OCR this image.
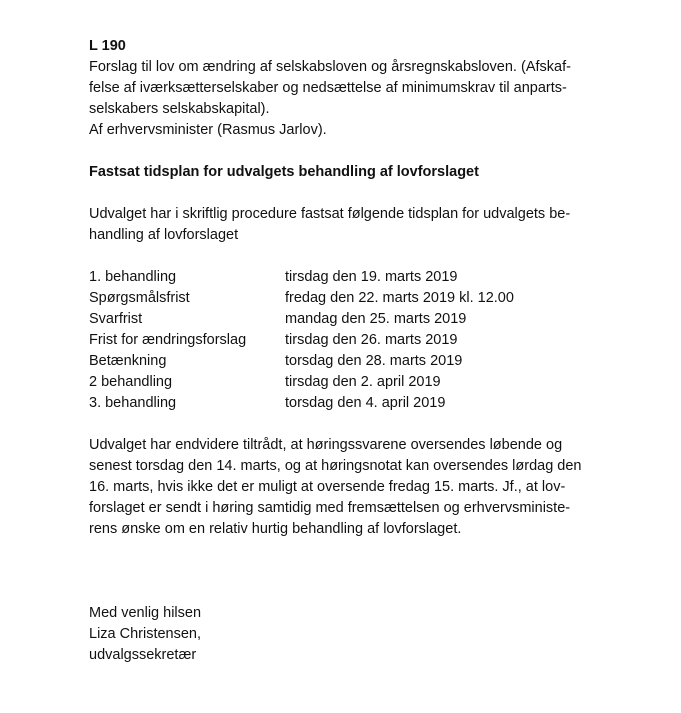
L 190
Forslag til lov om ændring af selskabsloven og årsregnskabsloven. (Afskaf-
felse af iværksætterselskaber og nedsættelse af minimumskrav til anparts-
selskabers selskabskapital).
Af erhvervsminister (Rasmus Jarlov).
Fastsat tidsplan for udvalgets behandling af lovforslaget
Udvalget har i skriftlig procedure fastsat følgende tidsplan for udvalgets be-
handling af lovforslaget
1. behandling	tirsdag den 19. marts 2019
Spørgsmålsfrist	fredag den 22. marts 2019 kl. 12.00
Svarfrist	mandag den 25. marts 2019
Frist for ændringsforslag	tirsdag den 26. marts 2019
Betænkning	torsdag den 28. marts 2019
2 behandling	tirsdag den 2. april 2019
3. behandling	torsdag den 4. april 2019
Udvalget har endvidere tiltrådt, at høringssvarene oversendes løbende og
senest torsdag den 14. marts, og at høringsnotat kan oversendes lørdag den
16. marts, hvis ikke det er muligt at oversende fredag 15. marts. Jf., at lov-
forslaget er sendt i høring samtidig med fremsættelsen og erhvervsministe-
rens ønske om en relativ hurtig behandling af lovforslaget.
Med venlig hilsen
Liza Christensen,
udvalgssekretær
